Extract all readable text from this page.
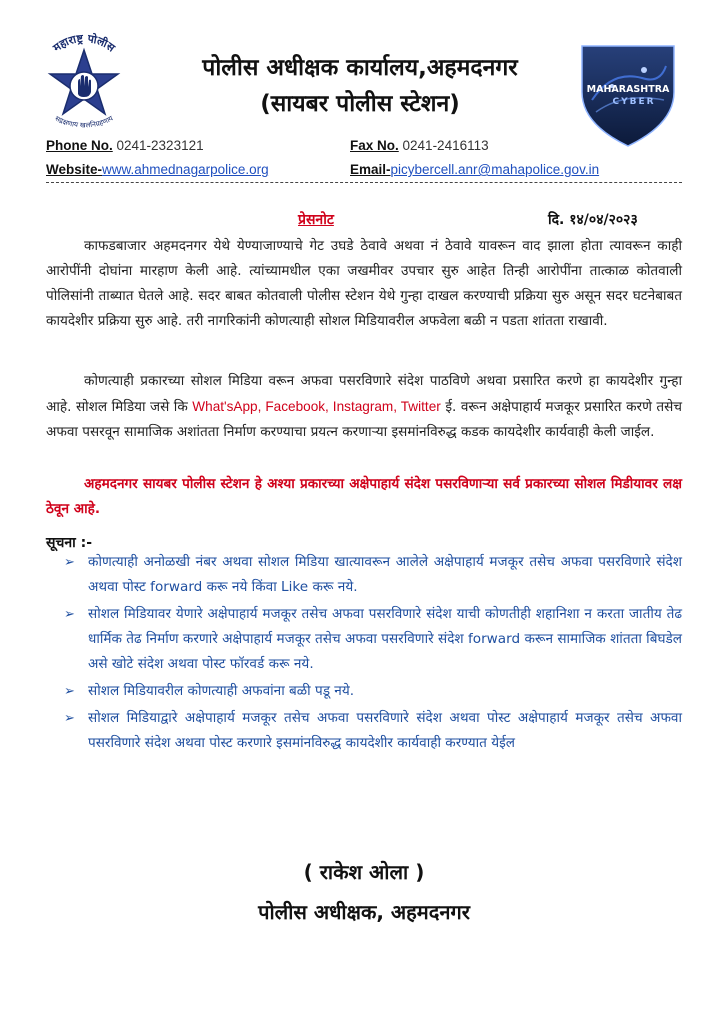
महाराष्ट्र पोलीस
सद्रक्षणाय खलनिग्रहणाय
पोलीस अधीक्षक कार्यालय,अहमदनगर
(सायबर पोलीस स्टेशन)
MAHARASHTRA
CYBER
Phone No. 0241-2323121	Fax No. 0241-2416113
Website-www.ahmednagarpolice.org	Email-picybercell.anr@mahapolice.gov.in
प्रेसनोट	दि. १४/०४/२०२३
काफडबाजार अहमदनगर येथे येण्याजाण्याचे गेट उघडे ठेवावे अथवा नं ठेवावे यावरून वाद झाला होता त्यावरून काही आरोपींनी दोघांना मारहाण केली आहे. त्यांच्यामधील एका जखमीवर उपचार सुरु आहेत तिन्ही आरोपींना तात्काळ कोतवाली पोलिसांनी ताब्यात घेतले आहे. सदर बाबत कोतवाली पोलीस स्टेशन येथे गुन्हा दाखल करण्याची प्रक्रिया सुरु असून सदर घटनेबाबत कायदेशीर प्रक्रिया सुरु आहे. तरी नागरिकांनी कोणत्याही सोशल मिडियावरील अफवेला बळी न पडता शांतता राखावी.
कोणत्याही प्रकारच्या सोशल मिडिया वरून अफवा पसरविणारे संदेश पाठविणे अथवा प्रसारित करणे हा कायदेशीर गुन्हा आहे. सोशल मिडिया जसे कि What'sApp, Facebook, Instagram, Twitter ई. वरून अक्षेपाहार्य मजकूर प्रसारित करणे तसेच अफवा पसरवून सामाजिक अशांतता निर्माण करण्याचा प्रयत्न करणाऱ्या इसमांनविरुद्ध कडक कायदेशीर कार्यवाही केली जाईल.
अहमदनगर सायबर पोलीस स्टेशन हे अश्या प्रकारच्या अक्षेपाहार्य संदेश पसरविणाऱ्या सर्व प्रकारच्या सोशल मिडीयावर लक्ष ठेवून आहे.
सूचना :-
➢ कोणत्याही अनोळखी नंबर अथवा सोशल मिडिया खात्यावरून आलेले अक्षेपाहार्य मजकूर तसेच अफवा पसरविणारे संदेश अथवा पोस्ट forward करू नये किंवा Like करू नये.
➢ सोशल मिडियावर येणारे अक्षेपाहार्य मजकूर तसेच अफवा पसरविणारे संदेश याची कोणतीही शहानिशा न करता जातीय तेढ धार्मिक तेढ निर्माण करणारे अक्षेपाहार्य मजकूर तसेच अफवा पसरविणारे संदेश forward करून सामाजिक शांतता बिघडेल असे खोटे संदेश अथवा पोस्ट फॉरवर्ड करू नये.
➢ सोशल मिडियावरील कोणत्याही अफवांना बळी पडू नये.
➢ सोशल मिडियाद्वारे अक्षेपाहार्य मजकूर तसेच अफवा पसरविणारे संदेश अथवा पोस्ट अक्षेपाहार्य मजकूर तसेच अफवा पसरविणारे संदेश अथवा पोस्ट करणारे इसमांनविरुद्ध कायदेशीर कार्यवाही करण्यात येईल
( राकेश ओला )
पोलीस अधीक्षक, अहमदनगर
